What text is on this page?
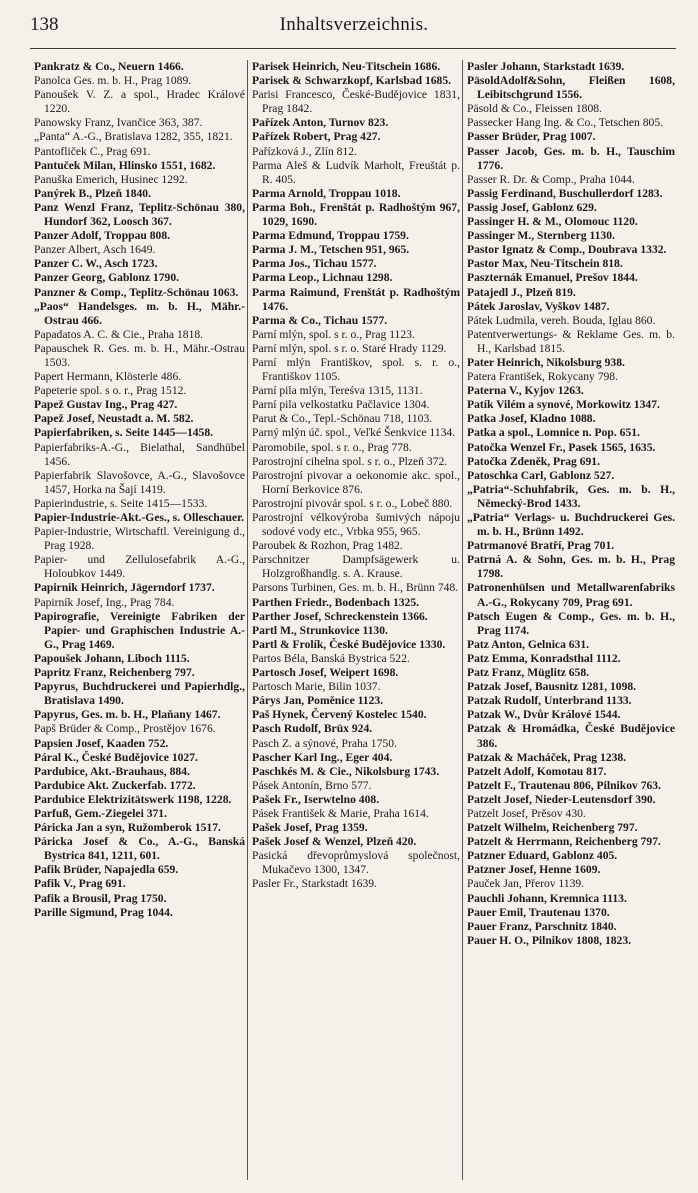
138	Inhaltsverzeichnis.

Pankratz & Co., Neuern 1466.

Panolca Ges. m. b. H., Prag 1089.

Panoušek V. Z. a spol., Hradec Králové 1220.

Panowsky Franz, Ivančice 363, 387.

„Panta“ A.-G., Bratislava 1282, 355, 1821.

Pantofliček C., Prag 691.

Pantuček Milan, Hlinsko 1551, 1682.

Panuška Emerich, Husinec 1292.

Panýrek B., Plzeň 1840.

Panz Wenzl Franz, Teplitz-Schönau 380, Hundorf 362, Loosch 367.

Panzer Adolf, Troppau 808.

Panzer Albert, Asch 1649.

Panzer C. W., Asch 1723.

Panzer Georg, Gablonz 1790.

Panzner & Comp., Teplitz-Schönau 1063.

„Paos“ Handelsges. m. b. H., Mähr.-Ostrau 466.

Papadatos A. C. & Cie., Praha 1818.

Papauschek R. Ges. m. b. H., Mähr.-Ostrau 1503.

Papert Hermann, Klösterle 486.

Papeterie spol. s o. r., Prag 1512.

Papež Gustav Ing., Prag 427.

Papež Josef, Neustadt a. M. 582.

Papierfabriken, s. Seite 1445—1458.

Papierfabriks-A.-G., Bielathal, Sandhübel 1456.

Papierfabrik Slavošovce, A.-G., Slavošovce 1457, Horka na Šají 1419.

Papierindustrie, s. Seite 1415—1533.

Papier-Industrie-Akt.-Ges., s. Olleschauer.

Papier-Industrie, Wirtschaftl. Vereinigung d., Prag 1928.

Papier- und Zellulosefabrik A.-G., Holoubkov 1449.

Papirnik Heinrich, Jägerndorf 1737.

Papirník Josef, Ing., Prag 784.

Papirografie, Vereinigte Fabriken der Papier- und Graphischen Industrie A.-G., Prag 1469.

Papoušek Johann, Liboch 1115.

Papritz Franz, Reichenberg 797.

Papyrus, Buchdruckerei und Papierhdlg., Bratislava 1490.

Papyrus, Ges. m. b. H., Plaňany 1467.

Papš Brüder & Comp., Prostějov 1676.

Papsien Josef, Kaaden 752.

Páral K., České Budějovice 1027.

Pardubice, Akt.-Brauhaus, 884.

Pardubice Akt. Zuckerfab. 1772.

Pardubice Elektrizitätswerk 1198, 1228.

Parfuß, Gem.-Ziegelei 371.

Páricka Jan a syn, Ružomberok 1517.

Páricka Josef & Co., A.-G., Banská Bystrica 841, 1211, 601.

Pafik Brüder, Napajedla 659.

Pafik V., Prag 691.

Pafik a Brousil, Prag 1750.

Parille Sigmund, Prag 1044.

Parisek Heinrich, Neu-Titschein 1686.

Parisek & Schwarzkopf, Karlsbad 1685.

Parisi Francesco, České-Budějovice 1831, Prag 1842.

Pařízek Anton, Turnov 823.

Pařízek Robert, Prag 427.

Pařízková J., Zlín 812.

Parma Aleš & Ludvík Marholt, Freuštát p. R. 405.

Parma Arnold, Troppau 1018.

Parma Boh., Frenštát p. Radhoštým 967, 1029, 1690.

Parma Edmund, Troppau 1759.

Parma J. M., Tetschen 951, 965.

Parma Jos., Tichau 1577.

Parma Leop., Lichnau 1298.

Parma Raimund, Frenštát p. Radhoštým 1476.

Parma & Co., Tichau 1577.

Parní mlýn, spol. s r. o., Prag 1123.

Parní mlýn, spol. s r. o. Staré Hrady 1129.

Parní mlýn Františkov, spol. s. r. o., Františkov 1105.

Parní pila mlýn, Tereśva 1315, 1131.

Parní pila velkostatku Pačlavice 1304.

Parut & Co., Tepl.-Schönau 718, 1103.

Parný mlýn úč. spol., Veľké Šenkvice 1134.

Paromobile, spol. s r. o., Prag 778.

Parostrojní cihelna spol. s r. o., Plzeň 372.

Parostrojní pivovar a oekonomie akc. spol., Horní Berkovice 876.

Parostrojní pivovár spol. s r. o., Lobeč 880.

Parostrojní vélkovýroba šumivých nápoju sodové vody etc., Vrbka 955, 965.

Paroubek & Rozhon, Prag 1482.

Parschnitzer Dampfsägewerk u. Holzgroßhandlg. s. A. Krause.

Parsons Turbinen, Ges. m. b. H., Brünn 748.

Parthen Friedr., Bodenbach 1325.

Parther Josef, Schreckenstein 1366.

Partl M., Strunkovice 1130.

Partl & Frolík, České Budějovice 1330.

Partos Béla, Banská Bystrica 522.

Partosch Josef, Weipert 1698.

Partosch Marie, Bilin 1037.

Párys Jan, Poměnice 1123.

Paš Hynek, Červený Kostelec 1540.

Pasch Rudolf, Brüx 924.

Pasch Z. a sýnové, Praha 1750.

Pascher Karl Ing., Eger 404.

Paschkés M. & Cie., Nikolsburg 1743.

Pásek Antonín, Brno 577.

Pašek Fr., Iserwtelno 408.

Pásek František & Marie, Praha 1614.

Pašek Josef, Prag 1359.

Pašek Josef & Wenzel, Plzeň 420.

Pasická dřevoprůmyslová společnost, Mukačevo 1300, 1347.

Pasler Fr., Starkstadt 1639.

Pasler Johann, Starkstadt 1639.

PäsoldAdolf&Sohn, Fleißen 1608, Leibitschgrund 1556.

Päsold & Co., Fleissen 1808.

Passecker Hang Ing. & Co., Tetschen 805.

Passer Brüder, Prag 1007.

Passer Jacob, Ges. m. b. H., Tauschim 1776.

Passer R. Dr. & Comp., Praha 1044.

Passig Ferdinand, Buschullerdorf 1283.

Passig Josef, Gablonz 629.

Passinger H. & M., Olomouc 1120.

Passinger M., Sternberg 1130.

Pastor Ignatz & Comp., Doubrava 1332.

Pastor Max, Neu-Titschein 818.

Paszternák Emanuel, Prešov 1844.

Patajedl J., Plzeň 819.

Pátek Jaroslav, Vyškov 1487.

Pátek Ludmila, vereh. Bouda, Iglau 860.

Patentverwertungs- & Reklame Ges. m. b. H., Karlsbad 1815.

Pater Heinrich, Nikolsburg 938.

Patera František, Rokycany 798.

Paterna V., Kyjov 1263.

Patík Vilém a synové, Morkowitz 1347.

Patka Josef, Kladno 1088.

Patka a spol., Lomnice n. Pop. 651.

Patočka Wenzel Fr., Pasek 1565, 1635.

Patočka Zdeněk, Prag 691.

Patoschka Carl, Gablonz 527.

„Patria“-Schuhfabrik, Ges. m. b. H., Německý-Brod 1433.

„Patria“ Verlags- u. Buchdruckerei Ges. m. b. H., Brünn 1492.

Patrmanové Bratří, Prag 701.

Patrná A. & Sohn, Ges. m. b. H., Prag 1798.

Patronenhülsen und Metallwarenfabriks A.-G., Rokycany 709, Prag 691.

Patsch Eugen & Comp., Ges. m. b. H., Prag 1174.

Patz Anton, Gelnica 631.

Patz Emma, Konradsthal 1112.

Patz Franz, Müglitz 658.

Patzak Josef, Bausnitz 1281, 1098.

Patzak Rudolf, Unterbrand 1133.

Patzak W., Dvůr Králové 1544.

Patzak & Hromádka, České Budějovice 386.

Patzak & Macháček, Prag 1238.

Patzelt Adolf, Komotau 817.

Patzelt F., Trautenau 806, Pilnikov 763.

Patzelt Josef, Nieder-Leutensdorf 390.

Patzelt Josef, Prěsov 430.

Patzelt Wilhelm, Reichenberg 797.

Patzelt & Herrmann, Reichenberg 797.

Patzner Eduard, Gablonz 405.

Patzner Josef, Henne 1609.

Pauček Jan, Přerov 1139.

Pauchli Johann, Kremnica 1113.

Pauer Emil, Trautenau 1370.

Pauer Franz, Parschnitz 1840.

Pauer H. O., Pilnikov 1808, 1823.
